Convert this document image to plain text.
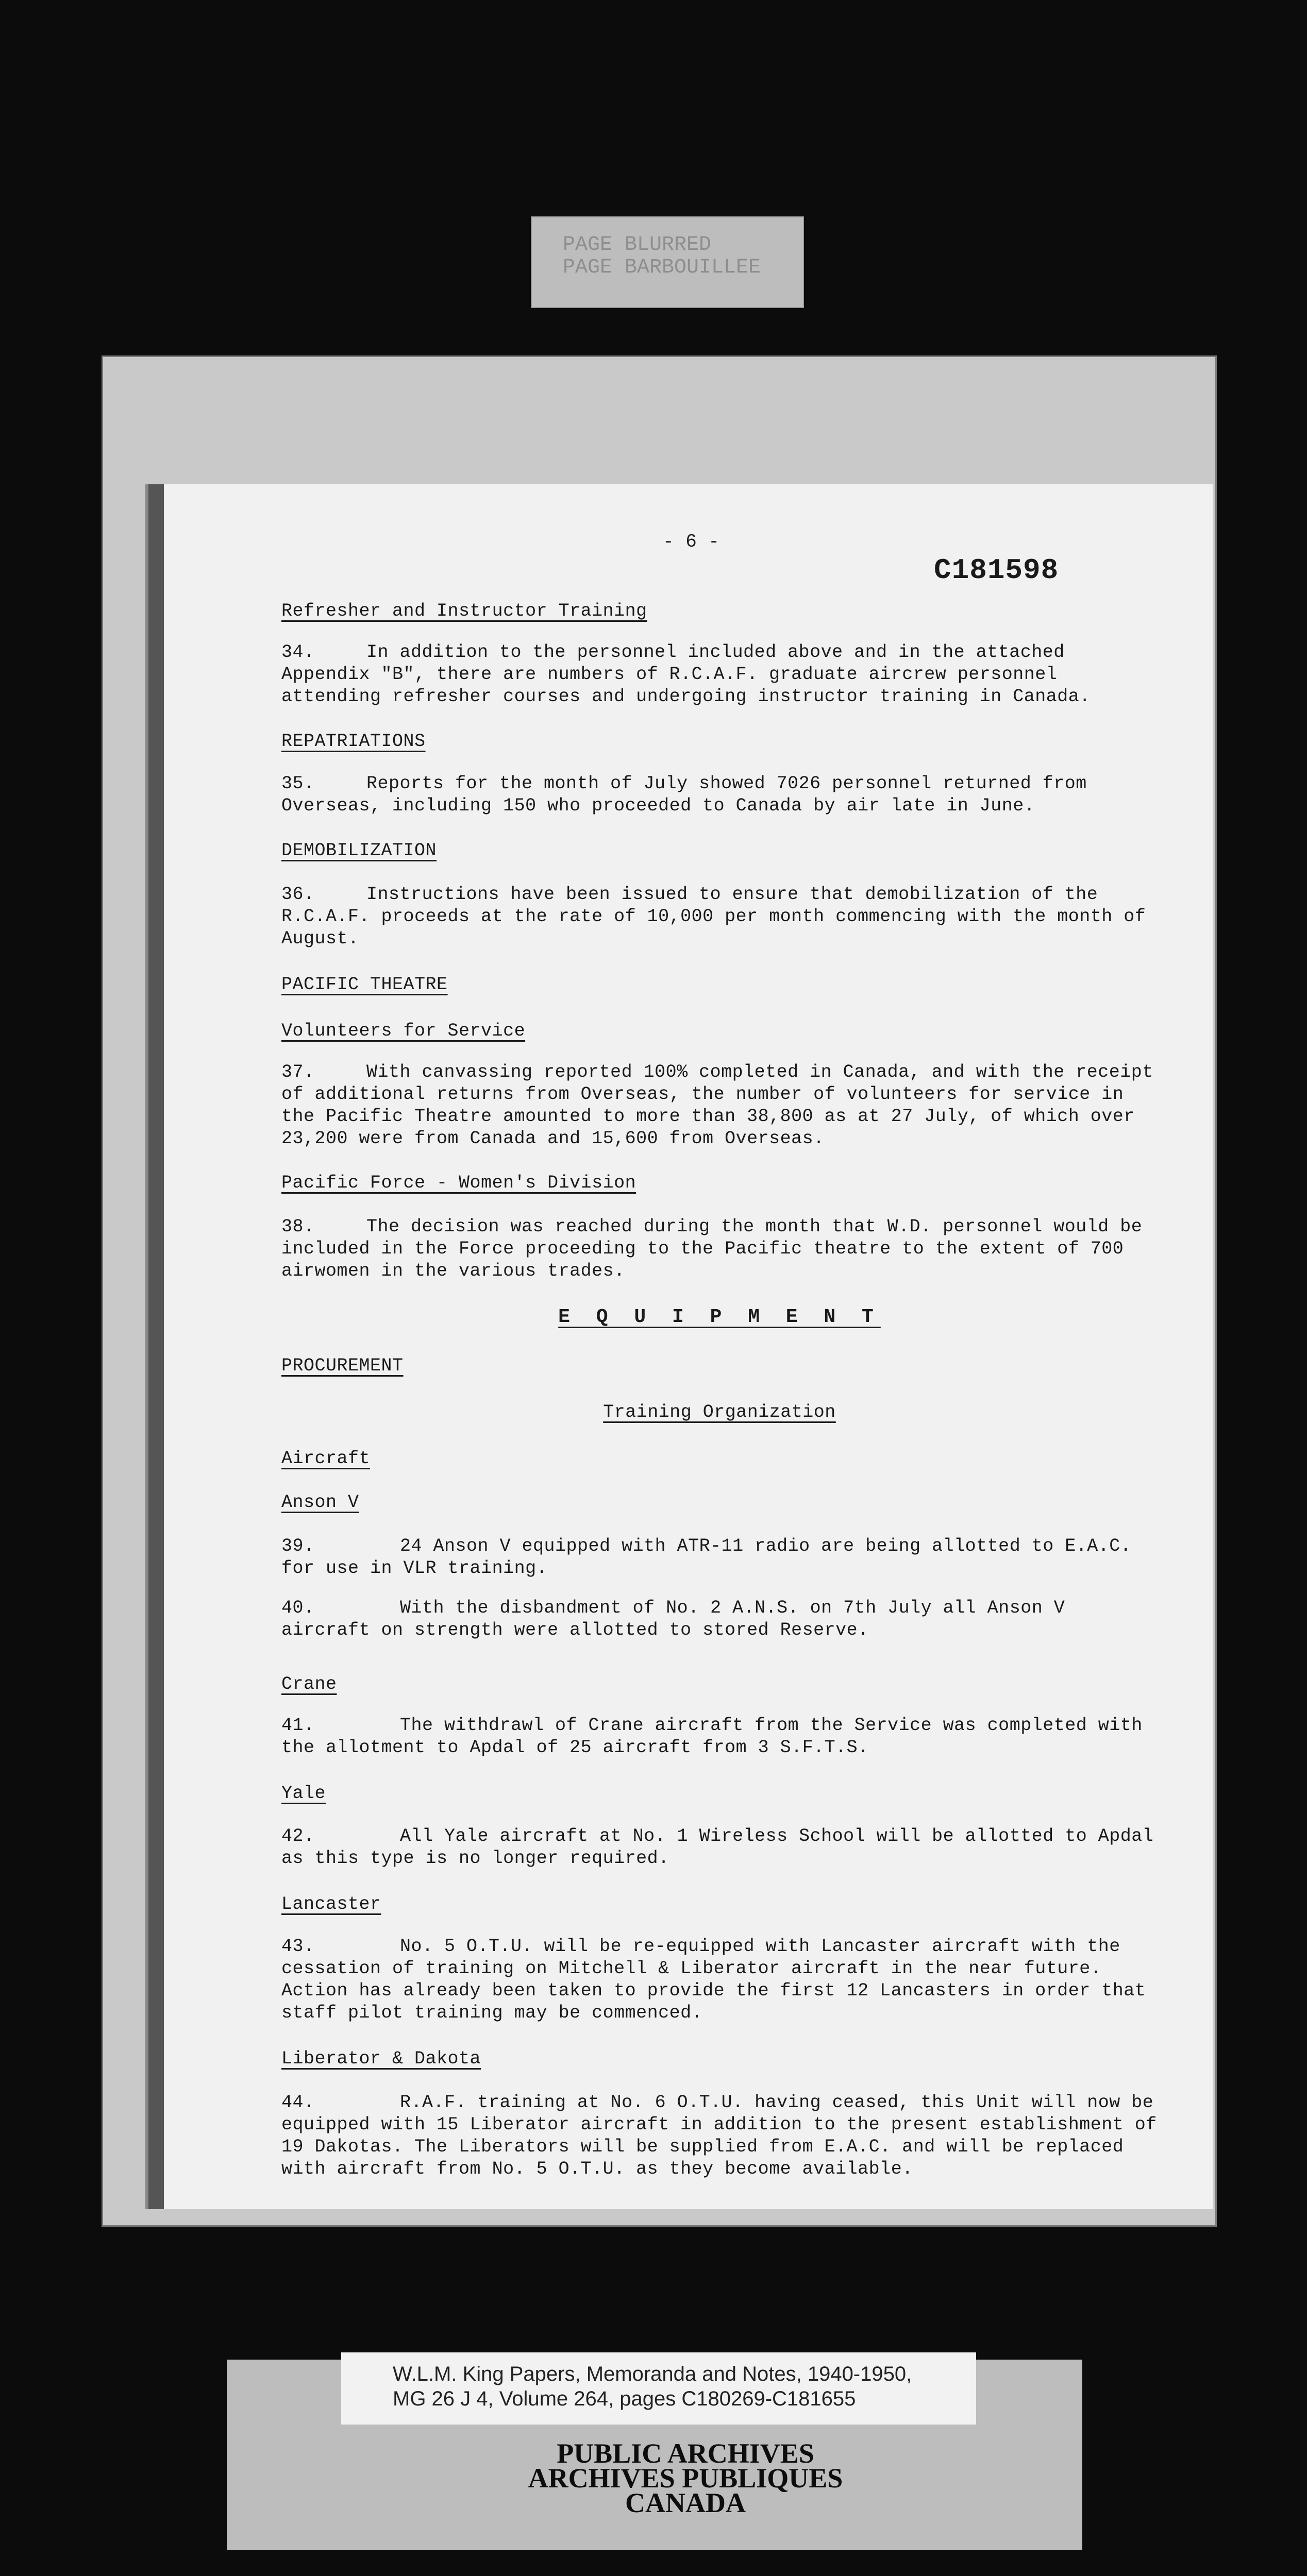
PAGE BLURRED
PAGE BARBOUILLEE
- 6 -
C181598
Refresher and Instructor Training
34.	In addition to the personnel included above and in the attached Appendix "B", there are numbers of R.C.A.F. graduate aircrew personnel attending refresher courses and undergoing instructor training in Canada.
REPATRIATIONS
35.	Reports for the month of July showed 7026 personnel returned from Overseas, including 150 who proceeded to Canada by air late in June.
DEMOBILIZATION
36.	Instructions have been issued to ensure that demobilization of the R.C.A.F. proceeds at the rate of 10,000 per month commencing with the month of August.
PACIFIC THEATRE
Volunteers for Service
37.	With canvassing reported 100% completed in Canada, and with the receipt of additional returns from Overseas, the number of volunteers for service in the Pacific Theatre amounted to more than 38,800 as at 27 July, of which over 23,200 were from Canada and 15,600 from Overseas.
Pacific Force - Women's Division
38.	The decision was reached during the month that W.D. personnel would be included in the Force proceeding to the Pacific theatre to the extent of 700 airwomen in the various trades.
E Q U I P M E N T
PROCUREMENT
Training Organization
Aircraft
Anson V
39.	24 Anson V equipped with ATR-11 radio are being allotted to E.A.C. for use in VLR training.
40.	With the disbandment of No. 2 A.N.S. on 7th July all Anson V aircraft on strength were allotted to stored Reserve.
Crane
41.	The withdrawl of Crane aircraft from the Service was completed with the allotment to Apdal of 25 aircraft from 3 S.F.T.S.
Yale
42.	All Yale aircraft at No. 1 Wireless School will be allotted to Apdal as this type is no longer required.
Lancaster
43.	No. 5 O.T.U. will be re-equipped with Lancaster aircraft with the cessation of training on Mitchell & Liberator aircraft in the near future. Action has already been taken to provide the first 12 Lancasters in order that staff pilot training may be commenced.
Liberator & Dakota
44.	R.A.F. training at No. 6 O.T.U. having ceased, this Unit will now be equipped with 15 Liberator aircraft in addition to the present establishment of 19 Dakotas. The Liberators will be supplied from E.A.C. and will be replaced with aircraft from No. 5 O.T.U. as they become available.
W.L.M. King Papers, Memoranda and Notes, 1940-1950,
MG 26 J 4, Volume 264, pages C180269-C181655
PUBLIC ARCHIVES
ARCHIVES PUBLIQUES
CANADA
